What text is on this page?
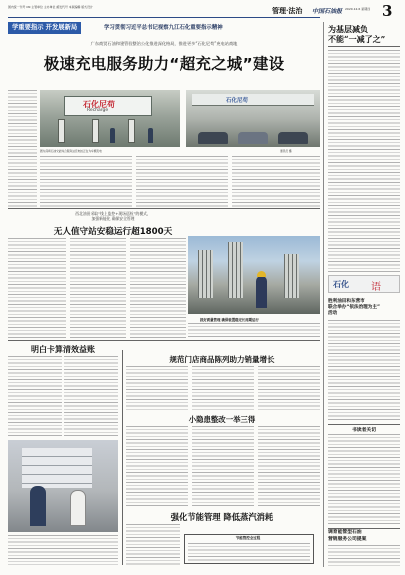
国内统一刊号 CN 主管单位 主办单位 邮发代号 本版编辑 版式设计	管理·法治 中国石油报 2020.12.6 星期四 3
学重要指示 开发展新局	学习贯彻习近平总书记视察九江石化重要指示精神
广东商贸石油和建管验整治公化推进深化格局，推进更多“石化尼苟”充电站商地
极速充电服务助力“超充之城”建设
石化尼苟
Recharge
石化尼苟
图为深圳石油交能综合服务站充电桩正在为车辆充电	通讯员 摄
西北油田采取“线上监控+现场巡检”的模式，
加强新能化 确保安全管理
无人值守站安稳运行超1800天
抓好质量管理 确保装置稳定长周期运行
明白卡算清效益账
规范门店商品陈列助力销量增长
小隐患整改一举三得
强化节能管理 降低蒸汽消耗
节能管控全过程
为基层减负
不能“一减了之”
石化 语
胜利油田和东营市
联合举办“依法治理为主”
活动
书读者关切
调育能管型石油
营销服务公司提案
